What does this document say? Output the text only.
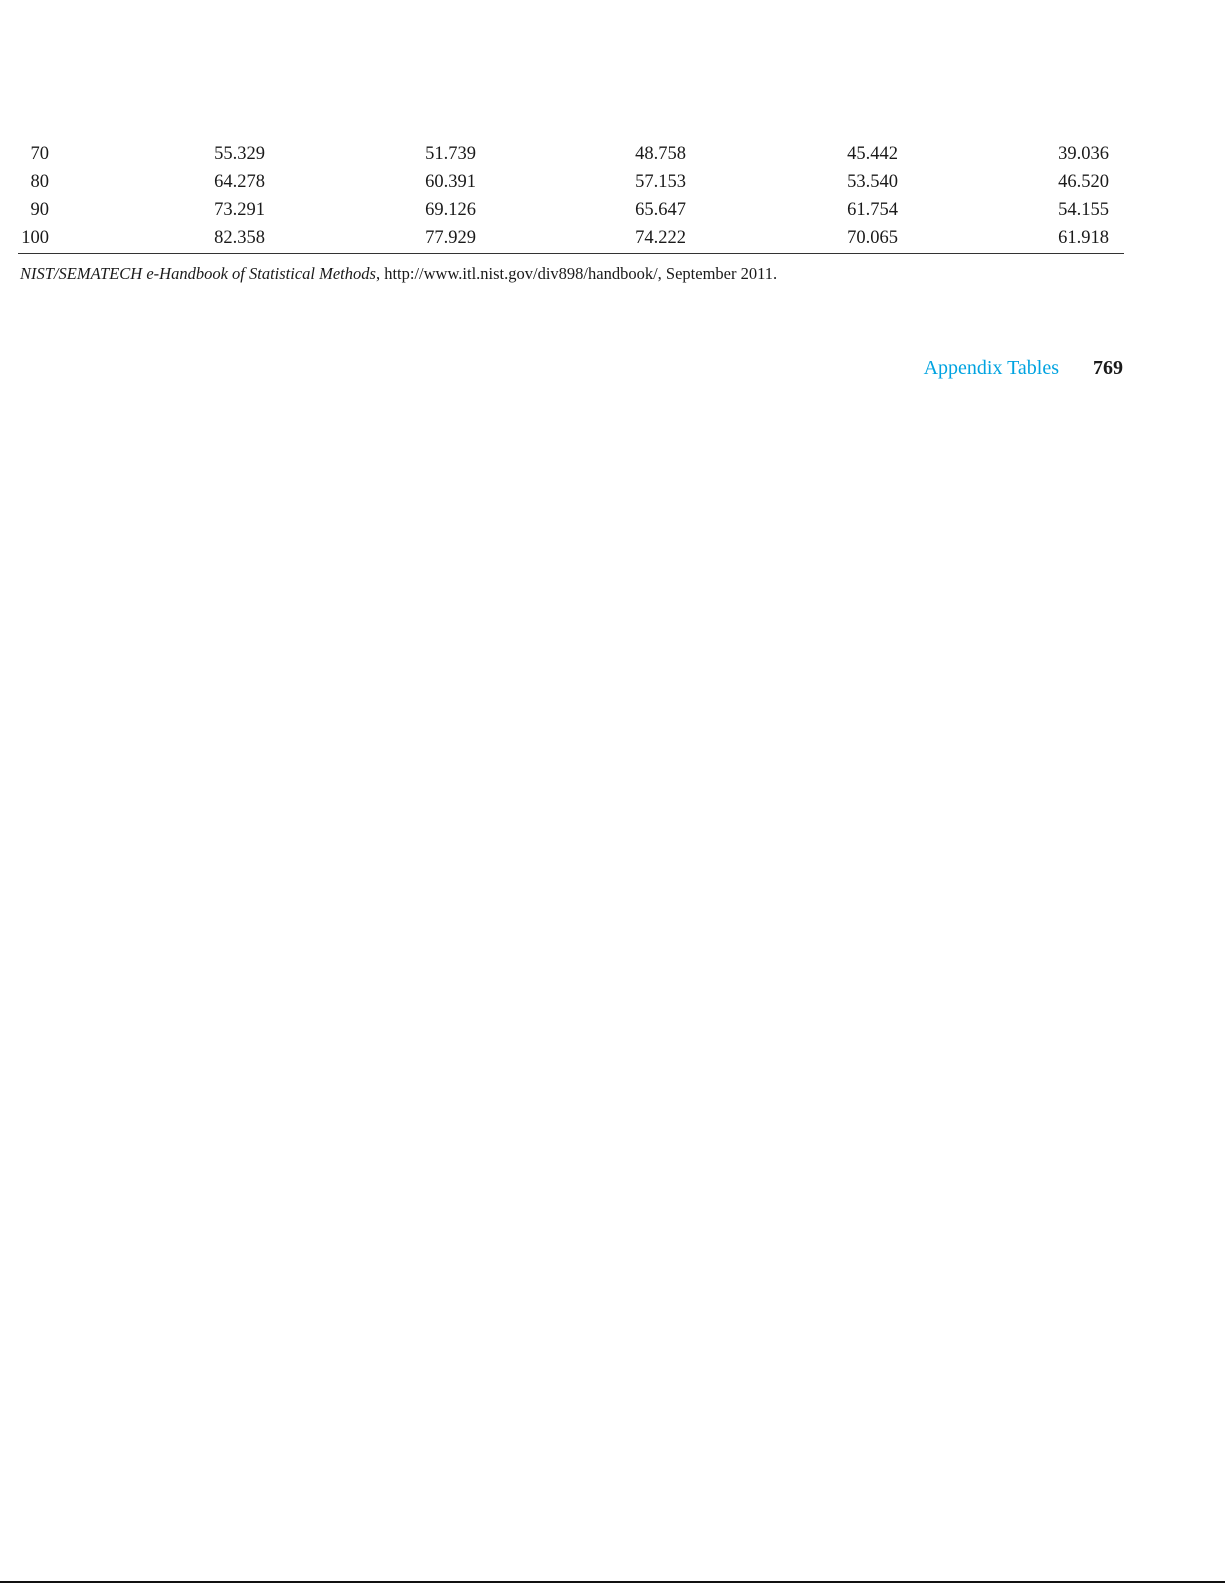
70	55.329	51.739	48.758	45.442	39.036
80	64.278	60.391	57.153	53.540	46.520
90	73.291	69.126	65.647	61.754	54.155
100	82.358	77.929	74.222	70.065	61.918
NIST/SEMATECH e-Handbook of Statistical Methods, http://www.itl.nist.gov/div898/handbook/, September 2011.
Appendix Tables 769
